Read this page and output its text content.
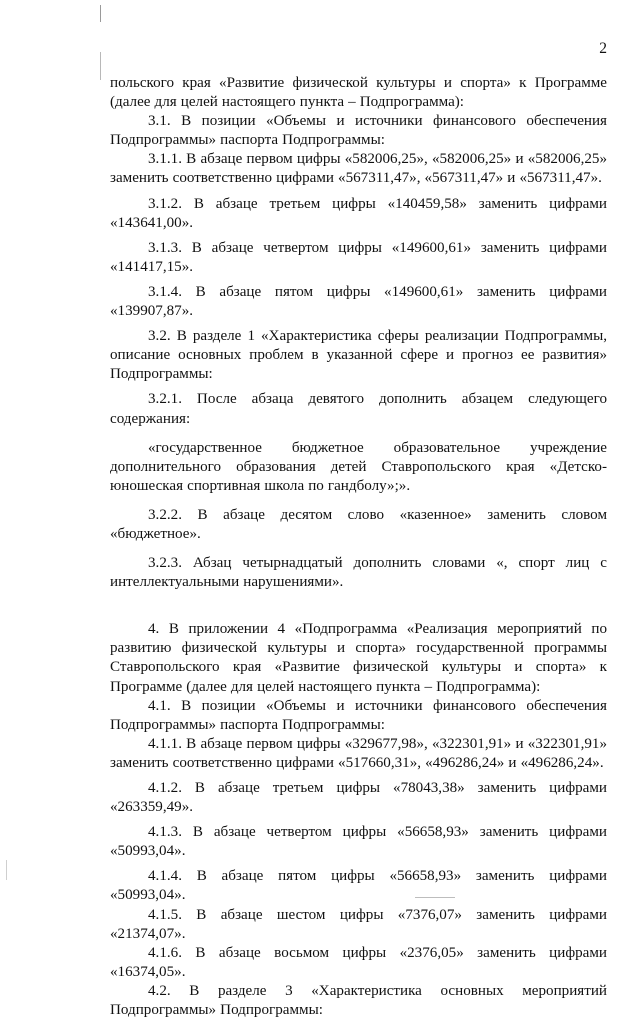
2

польского края «Развитие физической культуры и спорта» к Программе (далее для целей настоящего пункта – Подпрограмма):

3.1. В позиции «Объемы и источники финансового обеспечения Подпрограммы» паспорта Подпрограммы:

3.1.1. В абзаце первом цифры «582006,25», «582006,25» и «582006,25» заменить соответственно цифрами «567311,47», «567311,47» и «567311,47».

3.1.2. В абзаце третьем цифры «140459,58» заменить цифрами «143641,00».

3.1.3. В абзаце четвертом цифры «149600,61» заменить цифрами «141417,15».

3.1.4. В абзаце пятом цифры «149600,61» заменить цифрами «139907,87».

3.2. В разделе 1 «Характеристика сферы реализации Подпрограммы, описание основных проблем в указанной сфере и прогноз ее развития» Подпрограммы:

3.2.1. После абзаца девятого дополнить абзацем следующего содержания:

«государственное бюджетное образовательное учреждение дополнительного образования детей Ставропольского края «Детско-юношеская спортивная школа по гандболу»;».

3.2.2. В абзаце десятом слово «казенное» заменить словом «бюджетное».

3.2.3. Абзац четырнадцатый дополнить словами «, спорт лиц с интеллектуальными нарушениями».

4. В приложении 4 «Подпрограмма «Реализация мероприятий по развитию физической культуры и спорта» государственной программы Ставропольского края «Развитие физической культуры и спорта» к Программе (далее для целей настоящего пункта – Подпрограмма):

4.1. В позиции «Объемы и источники финансового обеспечения Подпрограммы» паспорта Подпрограммы:

4.1.1. В абзаце первом цифры «329677,98», «322301,91» и «322301,91» заменить соответственно цифрами «517660,31», «496286,24» и «496286,24».

4.1.2. В абзаце третьем цифры «78043,38» заменить цифрами «263359,49».

4.1.3. В абзаце четвертом цифры «56658,93» заменить цифрами «50993,04».

4.1.4. В абзаце пятом цифры «56658,93» заменить цифрами «50993,04».

4.1.5. В абзаце шестом цифры «7376,07» заменить цифрами «21374,07».

4.1.6. В абзаце восьмом цифры «2376,05» заменить цифрами «16374,05».

4.2. В разделе 3 «Характеристика основных мероприятий Подпрограммы» Подпрограммы:
